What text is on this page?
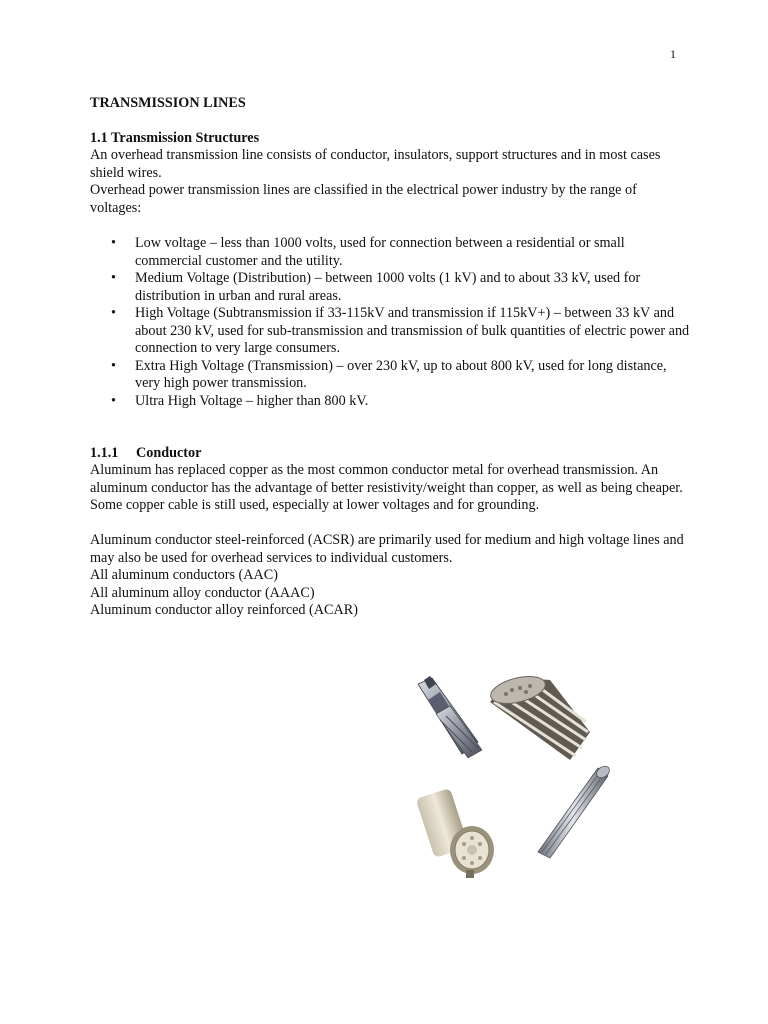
1
TRANSMISSION LINES
1.1 Transmission Structures

An overhead transmission line consists of conductor, insulators, support structures and in most cases shield wires.

Overhead power transmission lines are classified in the electrical power industry by the range of voltages:

• Low voltage – less than 1000 volts, used for connection between a residential or small commercial customer and the utility.
• Medium Voltage (Distribution) – between 1000 volts (1 kV) and to about 33 kV, used for distribution in urban and rural areas.
• High Voltage (Subtransmission if 33-115kV and transmission if 115kV+) – between 33 kV and about 230 kV, used for sub-transmission and transmission of bulk quantities of electric power and connection to very large consumers.
• Extra High Voltage (Transmission) – over 230 kV, up to about 800 kV, used for long distance, very high power transmission.
• Ultra High Voltage – higher than 800 kV.
1.1.1 Conductor

Aluminum has replaced copper as the most common conductor metal for overhead transmission. An aluminum conductor has the advantage of better resistivity/weight than copper, as well as being cheaper. Some copper cable is still used, especially at lower voltages and for grounding.

Aluminum conductor steel-reinforced (ACSR) are primarily used for medium and high voltage lines and may also be used for overhead services to individual customers.

All aluminum conductors (AAC)

All aluminum alloy conductor (AAAC)

Aluminum conductor alloy reinforced (ACAR)
